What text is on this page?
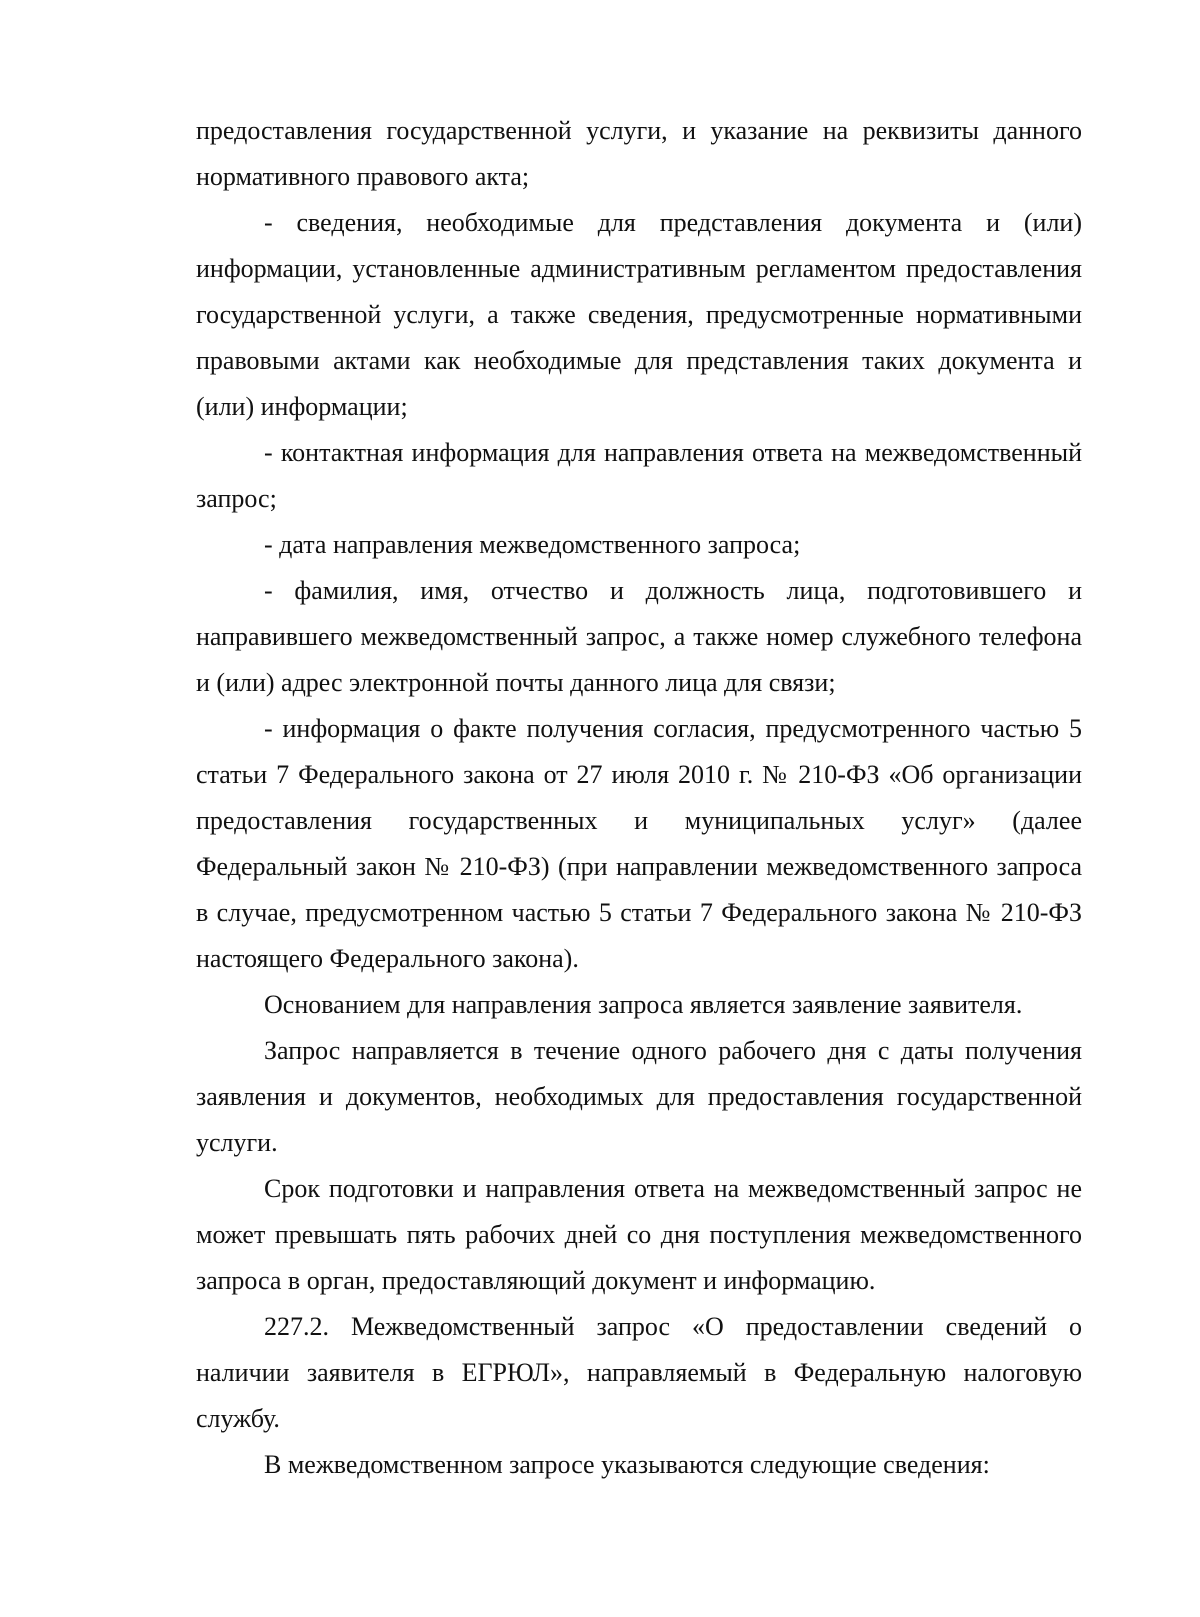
предоставления государственной услуги, и указание на реквизиты данного нормативного правового акта;

- сведения, необходимые для представления документа и (или) информации, установленные административным регламентом предоставления государственной услуги, а также сведения, предусмотренные нормативными правовыми актами как необходимые для представления таких документа и (или) информации;

- контактная информация для направления ответа на межведомственный запрос;

- дата направления межведомственного запроса;

- фамилия, имя, отчество и должность лица, подготовившего и направившего межведомственный запрос, а также номер служебного телефона и (или) адрес электронной почты данного лица для связи;

- информация о факте получения согласия, предусмотренного частью 5 статьи 7 Федерального закона от 27 июля 2010 г. № 210-ФЗ «Об организации предоставления государственных и муниципальных услуг» (далее Федеральный закон № 210-ФЗ) (при направлении межведомственного запроса в случае, предусмотренном частью 5 статьи 7 Федерального закона № 210-ФЗ настоящего Федерального закона).

Основанием для направления запроса является заявление заявителя.

Запрос направляется в течение одного рабочего дня с даты получения заявления и документов, необходимых для предоставления государственной услуги.

Срок подготовки и направления ответа на межведомственный запрос не может превышать пять рабочих дней со дня поступления межведомственного запроса в орган, предоставляющий документ и информацию.

227.2. Межведомственный запрос «О предоставлении сведений о наличии заявителя в ЕГРЮЛ», направляемый в Федеральную налоговую службу.

В межведомственном запросе указываются следующие сведения:
